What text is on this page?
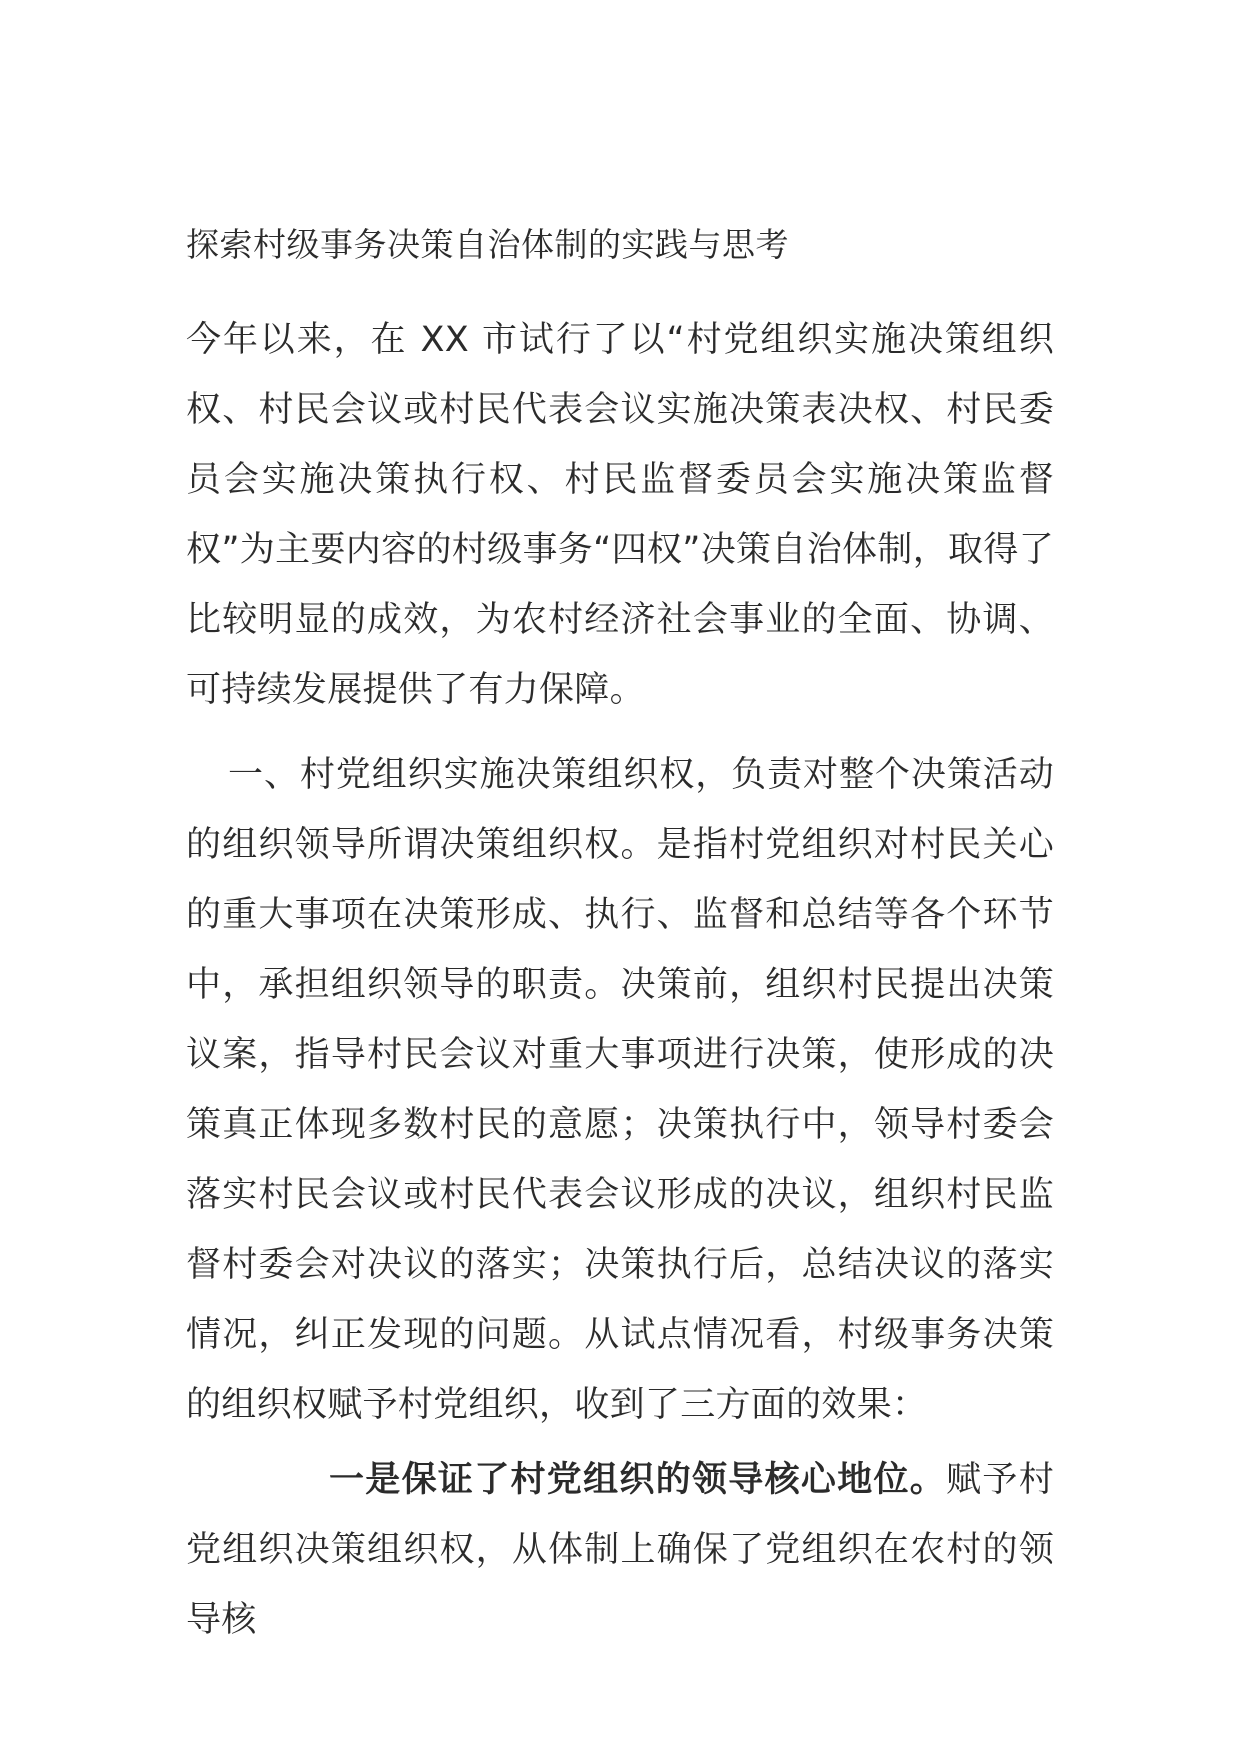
探索村级事务决策自治体制的实践与思考
今年以来，在 XX 市试行了以“村党组织实施决策组织权、村民会议或村民代表会议实施决策表决权、村民委员会实施决策执行权、村民监督委员会实施决策监督权”为主要内容的村级事务“四权”决策自治体制，取得了比较明显的成效，为农村经济社会事业的全面、协调、可持续发展提供了有力保障。
一、村党组织实施决策组织权，负责对整个决策活动的组织领导所谓决策组织权。是指村党组织对村民关心的重大事项在决策形成、执行、监督和总结等各个环节中，承担组织领导的职责。决策前，组织村民提出决策议案，指导村民会议对重大事项进行决策，使形成的决策真正体现多数村民的意愿；决策执行中，领导村委会落实村民会议或村民代表会议形成的决议，组织村民监督村委会对决议的落实；决策执行后，总结决议的落实情况，纠正发现的问题。从试点情况看，村级事务决策的组织权赋予村党组织，收到了三方面的效果：
一是保证了村党组织的领导核心地位。赋予村党组织决策组织权，从体制上确保了党组织在农村的领导核
